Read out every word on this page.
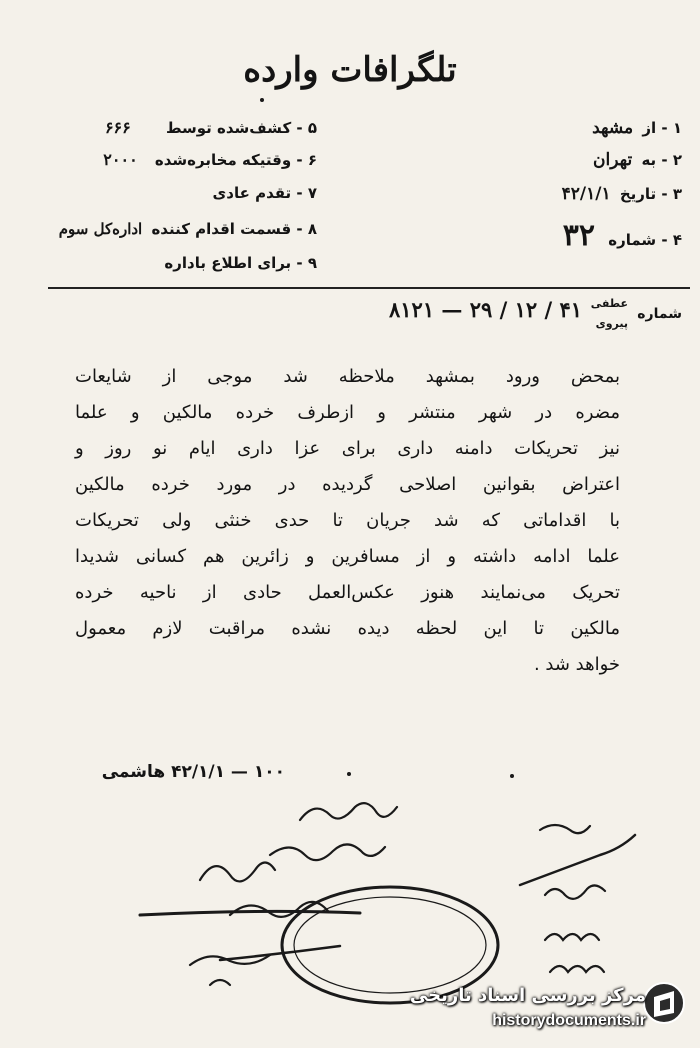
تلگرافات وارده
۱ - از مشهد
۲ - به تهران
۳ - تاریخ ۴۲/۱/۱
۴ - شماره ۳۲
۵ - کشف‌شده توسط ۶۶۶
۶ - وقتیکه مخابره‌شده ۲۰۰۰
۷ - تقدم عادی
۸ - قسمت اقدام کننده اداره‌کل سوم
۹ - برای اطلاع باداره
شماره
عطفی
پیروی
۸۱۲۱ — ۲۹ / ۱۲ / ۴۱
بمحض ورود بمشهد ملاحظه شد موجی از شایعات
مضره در شهر منتشر و ازطرف خرده مالکین و علما
نیز تحریکات دامنه داری برای عزا داری ایام نو روز و
اعتراض بقوانین اصلاحی گردیده در مورد خرده مالکین
با اقداماتی که شد جریان تا حدی خنثی ولی تحریکات
علما ادامه داشته و از مسافرین و زائرین هم کسانی شدیدا
تحریک می‌نمایند هنوز عکس‌العمل حادی از ناحیه خرده
مالکین تا این لحظه دیده نشده مراقبت لازم معمول
خواهد شد .
۱۰۰ — ۴۲/۱/۱ هاشمی
مرکز بررسی اسناد تاریخی
historydocuments.ir
